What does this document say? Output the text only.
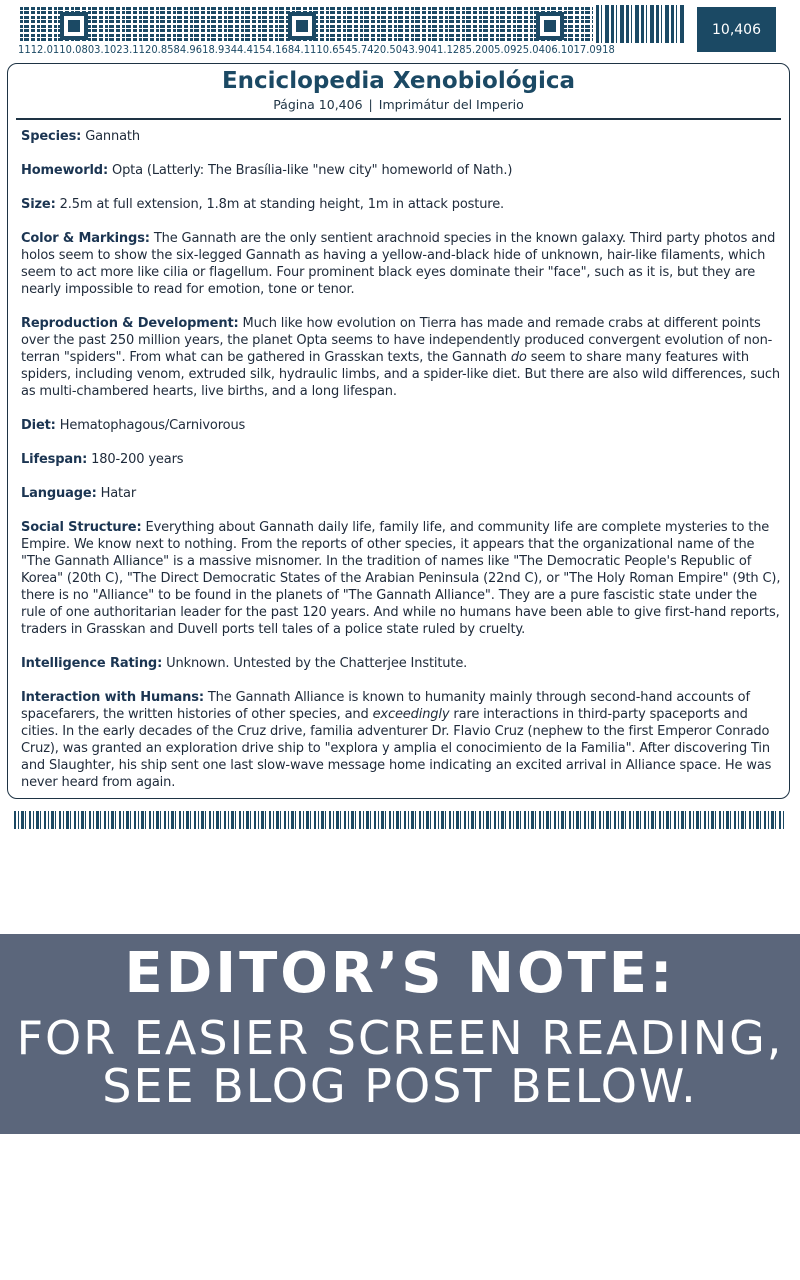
1112.0110.0803.1023.1120.8584.9618.9344.4154.1684.1110.6545.7420.5043.9041.1285.2005.0925.0406.1017.0918
10,406
Enciclopedia Xenobiológica
Página 10,406 | Imprimátur del Imperio

Species: Gannath

Homeworld: Opta (Latterly: The Brasília-like "new city" homeworld of Nath.)

Size: 2.5m at full extension, 1.8m at standing height, 1m in attack posture.

Color & Markings: The Gannath are the only sentient arachnoid species in the known galaxy. Third party photos and holos seem to show the six-legged Gannath as having a yellow-and-black hide of unknown, hair-like filaments, which seem to act more like cilia or flagellum. Four prominent black eyes dominate their "face", such as it is, but they are nearly impossible to read for emotion, tone or tenor.

Reproduction & Development: Much like how evolution on Tierra has made and remade crabs at different points over the past 250 million years, the planet Opta seems to have independently produced convergent evolution of non-terran "spiders". From what can be gathered in Grasskan texts, the Gannath do seem to share many features with spiders, including venom, extruded silk, hydraulic limbs, and a spider-like diet. But there are also wild differences, such as multi-chambered hearts, live births, and a long lifespan.

Diet: Hematophagous/Carnivorous

Lifespan: 180-200 years

Language: Hatar

Social Structure: Everything about Gannath daily life, family life, and community life are complete mysteries to the Empire. We know next to nothing. From the reports of other species, it appears that the organizational name of the "The Gannath Alliance" is a massive misnomer. In the tradition of names like "The Democratic People's Republic of Korea" (20th C), "The Direct Democratic States of the Arabian Peninsula (22nd C), or "The Holy Roman Empire" (9th C), there is no "Alliance" to be found in the planets of "The Gannath Alliance". They are a pure fascistic state under the rule of one authoritarian leader for the past 120 years. And while no humans have been able to give first-hand reports, traders in Grasskan and Duvell ports tell tales of a police state ruled by cruelty.

Intelligence Rating: Unknown. Untested by the Chatterjee Institute.

Interaction with Humans: The Gannath Alliance is known to humanity mainly through second-hand accounts of spacefarers, the written histories of other species, and exceedingly rare interactions in third-party spaceports and cities. In the early decades of the Cruz drive, familia adventurer Dr. Flavio Cruz (nephew to the first Emperor Conrado Cruz), was granted an exploration drive ship to "explora y amplia el conocimiento de la Familia". After discovering Tin and Slaughter, his ship sent one last slow-wave message home indicating an excited arrival in Alliance space. He was never heard from again.

EDITOR’S NOTE:
FOR EASIER SCREEN READING,
SEE BLOG POST BELOW.
